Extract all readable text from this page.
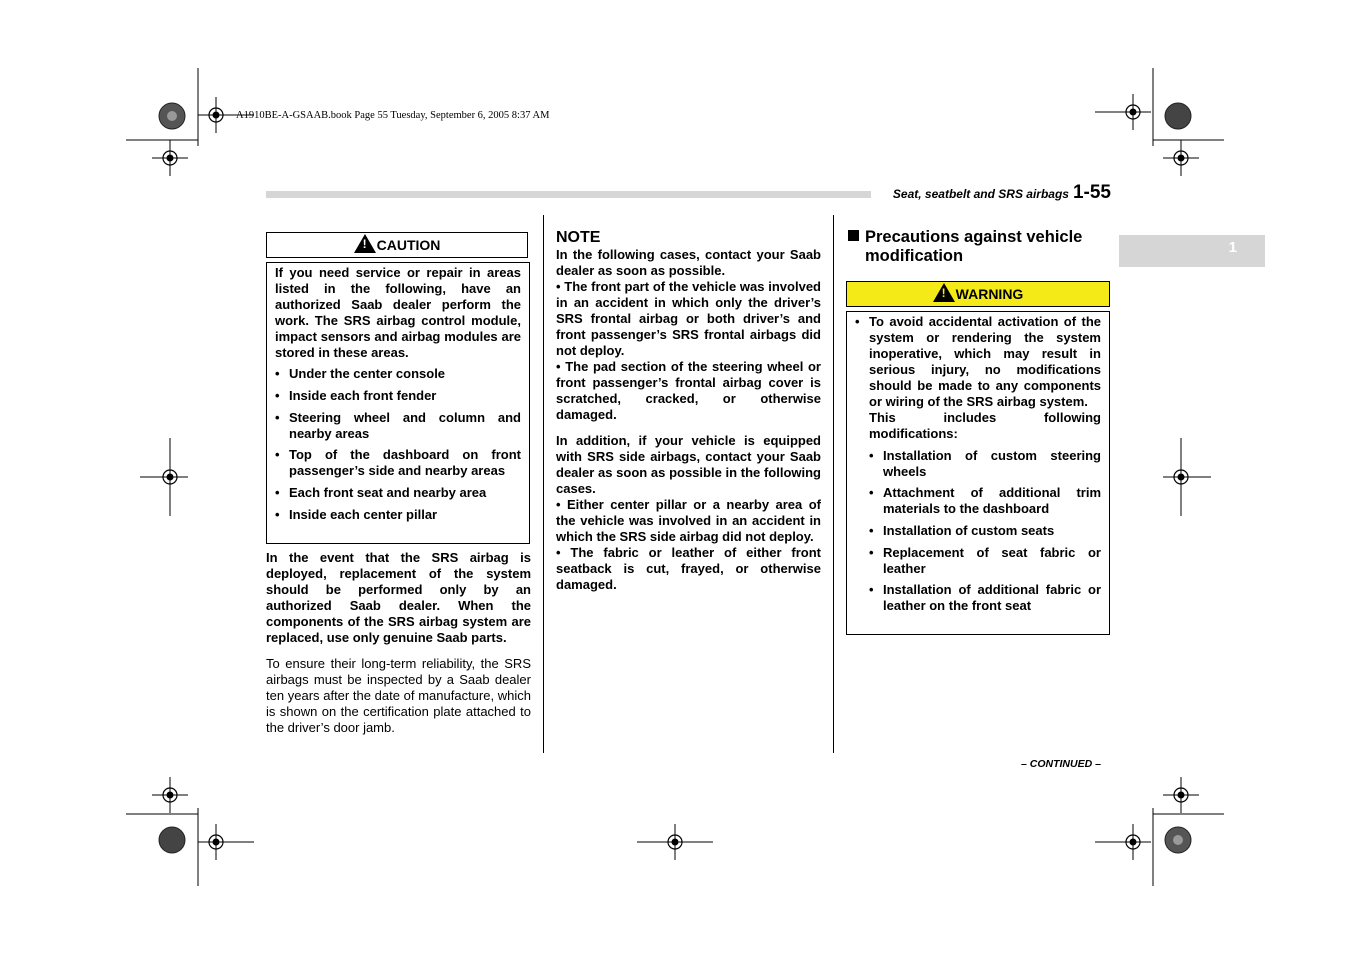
A1910BE-A-GSAAB.book Page 55 Tuesday, September 6, 2005 8:37 AM
Seat, seatbelt and SRS airbags 1-55
1
! CAUTION

If you need service or repair in areas listed in the following, have an authorized Saab dealer perform the work. The SRS airbag control module, impact sensors and airbag modules are stored in these areas.

• Under the center console
• Inside each front fender
• Steering wheel and column and nearby areas
• Top of the dashboard on front passenger’s side and nearby areas
• Each front seat and nearby area
• Inside each center pillar

In the event that the SRS airbag is deployed, replacement of the system should be performed only by an authorized Saab dealer. When the components of the SRS airbag system are replaced, use only genuine Saab parts.

To ensure their long-term reliability, the SRS airbags must be inspected by a Saab dealer ten years after the date of manufacture, which is shown on the certification plate attached to the driver’s door jamb.

NOTE

In the following cases, contact your Saab dealer as soon as possible.

• The front part of the vehicle was involved in an accident in which only the driver’s SRS frontal airbag or both driver’s and front passenger’s SRS frontal airbags did not deploy.

• The pad section of the steering wheel or front passenger’s frontal airbag cover is scratched, cracked, or otherwise damaged.

In addition, if your vehicle is equipped with SRS side airbags, contact your Saab dealer as soon as possible in the following cases.

• Either center pillar or a nearby area of the vehicle was involved in an accident in which the SRS side airbag did not deploy.

• The fabric or leather of either front seatback is cut, frayed, or otherwise damaged.

Precautions against vehicle
modification
! WARNING
• To avoid accidental activation of the system or rendering the system inoperative, which may result in serious injury, no modifications should be made to any components or wiring of the SRS airbag system.
This includes following modifications:
• Installation of custom steering wheels
• Attachment of additional trim materials to the dashboard
• Installation of custom seats
• Replacement of seat fabric or leather
• Installation of additional fabric or leather on the front seat
– CONTINUED –
